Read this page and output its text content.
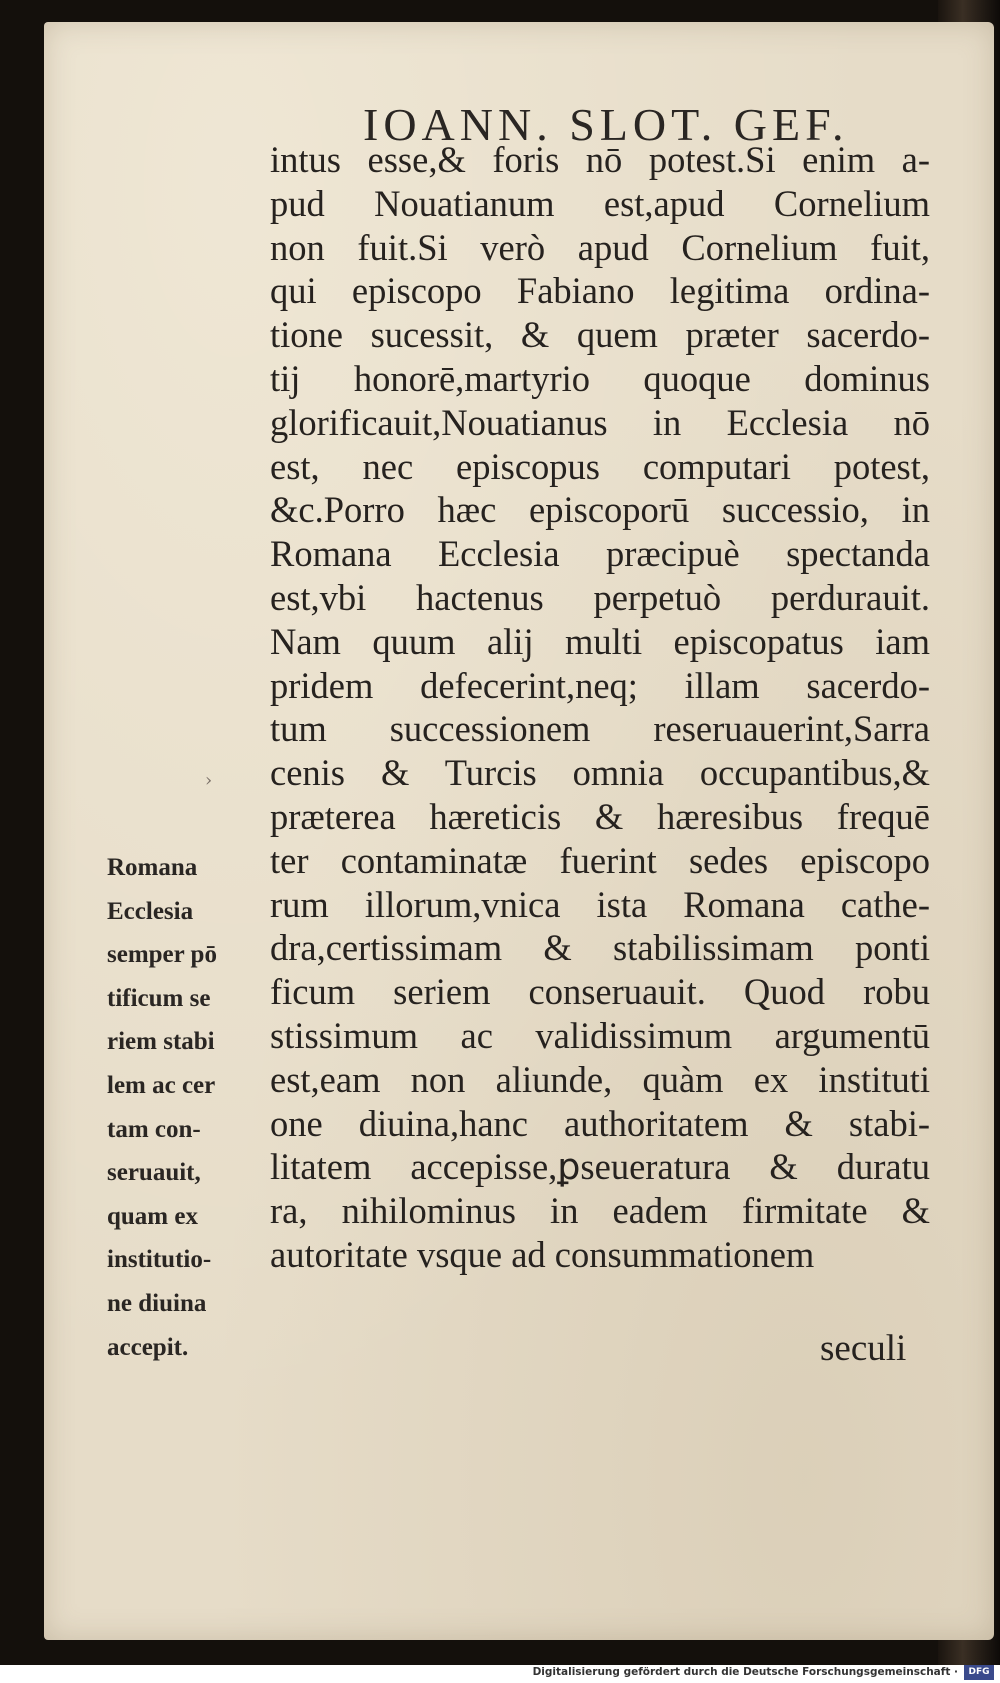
IOANN. SLOT. GEF.
intus esse,& foris nō potest.Si enim a-
pud Nouatianum est,apud Cornelium
non fuit.Si verò apud Cornelium fuit,
qui episcopo Fabiano legitima ordina-
tione sucessit, & quem præter sacerdo-
tij honorē,martyrio quoque dominus
glorificauit,Nouatianus in Ecclesia nō
est, nec episcopus computari potest,
&c.Porro hæc episcoporū successio, in
Romana Ecclesia præcipuè spectanda
est,vbi hactenus perpetuò perdurauit.
Nam quum alij multi episcopatus iam
pridem defecerint,neq; illam sacerdo-
tum successionem reseruauerint,Sarra
cenis & Turcis omnia occupantibus,&
præterea hæreticis & hæresibus frequē
ter contaminatæ fuerint sedes episcopo
rum illorum,vnica ista Romana cathe-
dra,certissimam & stabilissimam ponti
ficum seriem conseruauit. Quod robu
stissimum ac validissimum argumentū
est,eam non aliunde, quàm ex instituti
one diuina,hanc authoritatem & stabi-
litatem accepisse,ꝑseueratura & duratu
ra, nihilominus in eadem firmitate &
autoritate vsque ad consummationem
seculi
›
Romana
Ecclesia
semper pō
tificum se
riem stabi
lem ac cer
tam con-
seruauit,
quam ex
institutio-
ne diuina
accepit.
Digitalisierung gefördert durch die Deutsche Forschungsgemeinschaft ·	DFG
